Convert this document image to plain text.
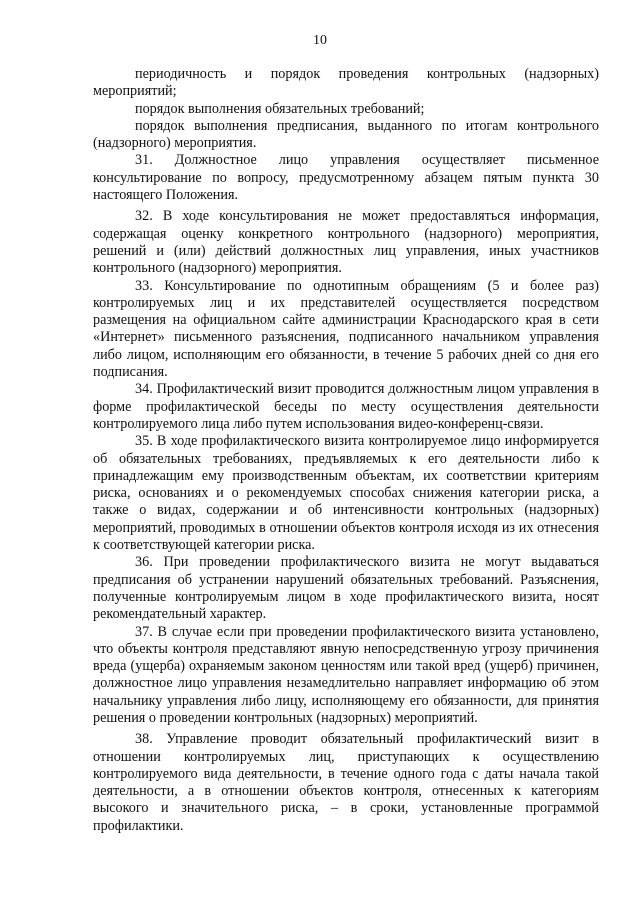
10

периодичность и порядок проведения контрольных (надзорных) мероприятий;

порядок выполнения обязательных требований;

порядок выполнения предписания, выданного по итогам контрольного (надзорного) мероприятия.

31. Должностное лицо управления осуществляет письменное консультирование по вопросу, предусмотренному абзацем пятым пункта 30 настоящего Положения.

32. В ходе консультирования не может предоставляться информация, содержащая оценку конкретного контрольного (надзорного) мероприятия, решений и (или) действий должностных лиц управления, иных участников контрольного (надзорного) мероприятия.

33. Консультирование по однотипным обращениям (5 и более раз) контролируемых лиц и их представителей осуществляется посредством размещения на официальном сайте администрации Краснодарского края в сети «Интернет» письменного разъяснения, подписанного начальником управления либо лицом, исполняющим его обязанности, в течение 5 рабочих дней со дня его подписания.

34. Профилактический визит проводится должностным лицом управления в форме профилактической беседы по месту осуществления деятельности контролируемого лица либо путем использования видео-конференц-связи.

35. В ходе профилактического визита контролируемое лицо информируется об обязательных требованиях, предъявляемых к его деятельности либо к принадлежащим ему производственным объектам, их соответствии критериям риска, основаниях и о рекомендуемых способах снижения категории риска, а также о видах, содержании и об интенсивности контрольных (надзорных) мероприятий, проводимых в отношении объектов контроля исходя из их отнесения к соответствующей категории риска.

36. При проведении профилактического визита не могут выдаваться предписания об устранении нарушений обязательных требований. Разъяснения, полученные контролируемым лицом в ходе профилактического визита, носят рекомендательный характер.

37. В случае если при проведении профилактического визита установлено, что объекты контроля представляют явную непосредственную угрозу причинения вреда (ущерба) охраняемым законом ценностям или такой вред (ущерб) причинен, должностное лицо управления незамедлительно направляет информацию об этом начальнику управления либо лицу, исполняющему его обязанности, для принятия решения о проведении контрольных (надзорных) мероприятий.

38. Управление проводит обязательный профилактический визит в отношении контролируемых лиц, приступающих к осуществлению контролируемого вида деятельности, в течение одного года с даты начала такой деятельности, а в отношении объектов контроля, отнесенных к категориям высокого и значительного риска, – в сроки, установленные программой профилактики.
